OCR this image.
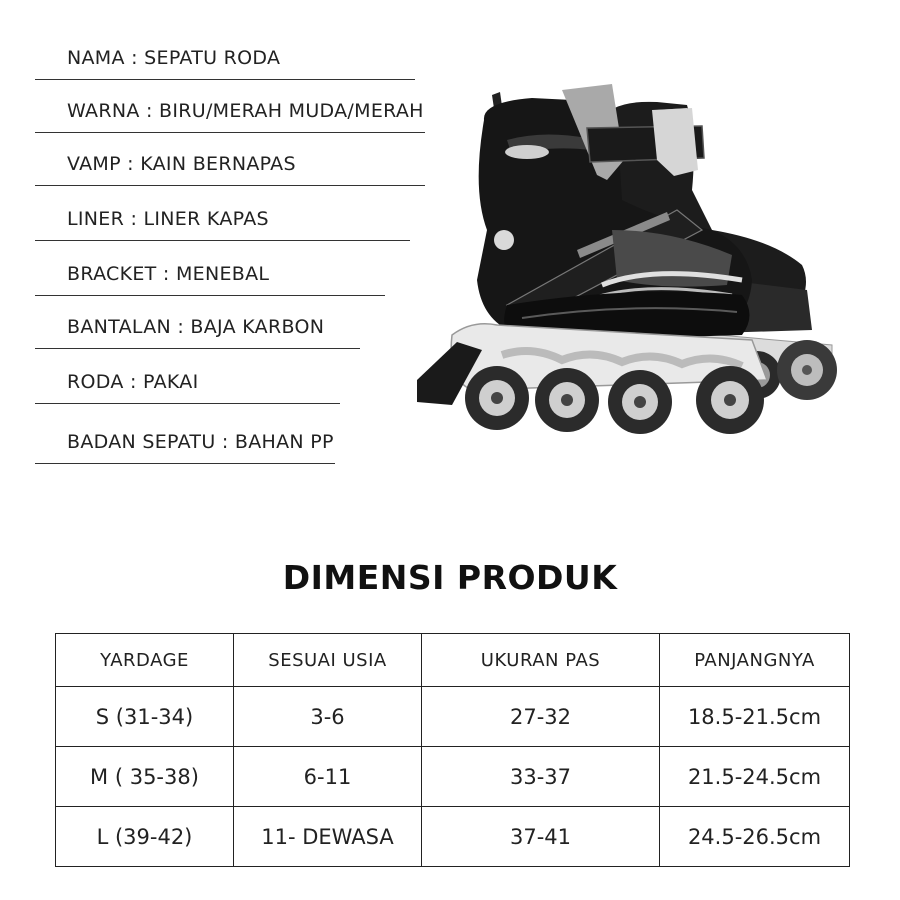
NAMA : SEPATU RODA
WARNA : BIRU/MERAH MUDA/MERAH
VAMP : KAIN BERNAPAS
LINER : LINER KAPAS
BRACKET : MENEBAL
BANTALAN : BAJA KARBON
RODA : PAKAI
BADAN SEPATU : BAHAN PP
DIMENSI PRODUK
YARDAGE	SESUAI USIA	UKURAN PAS	PANJANGNYA
S (31-34)	3-6	27-32	18.5-21.5cm
M ( 35-38)	6-11	33-37	21.5-24.5cm
L (39-42)	11- DEWASA	37-41	24.5-26.5cm
